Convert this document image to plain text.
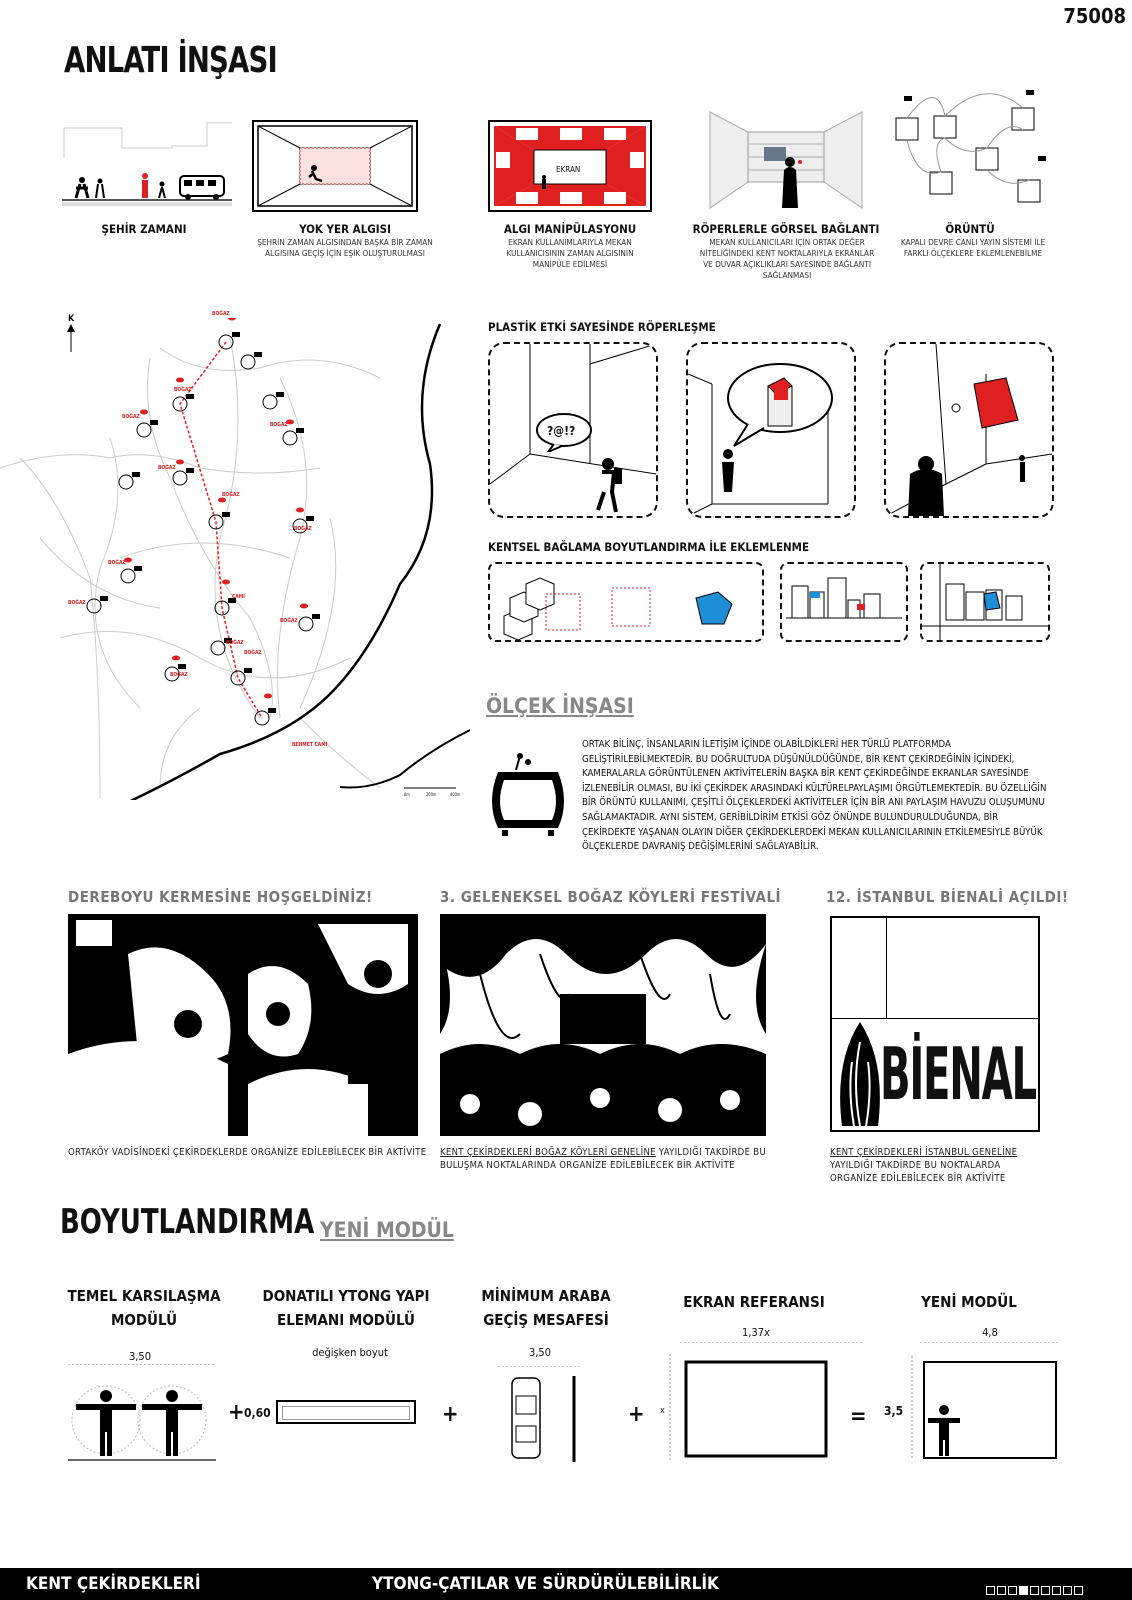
75008
ANLATI İNŞASI
EKRAN
ŞEHİR ZAMANI	YOK YER ALGISI
ŞEHRİN ZAMAN ALGISINDAN BAŞKA BİR ZAMAN ALGISINA GEÇİŞ İÇİN EŞİK OLUŞTURULMASI
ALGI MANİPÜLASYONU
EKRAN KULLANIMLARIYLA MEKAN KULLANICISININ ZAMAN ALGISININ MANİPÜLE EDİLMESİ
RÖPERLERLE GÖRSEL BAĞLANTI
MEKAN KULLANICILARI İÇİN ORTAK DEĞER NİTELİĞİNDEKİ KENT NOKTALARIYLA EKRANLAR VE DUVAR AÇIKLIKLARI SAYESİNDE BAĞLANTI SAĞLANMASI
ÖRÜNTÜ
KAPALI DEVRE CANLI YAYIN SİSTEMİ İLE FARKLI ÖLÇEKLERE EKLEMLENEBİLME
K	BOĞAZ
BOĞAZ
BOĞAZ
BOĞAZ
BOĞAZ
BOĞAZ
BOĞAZ
BOĞAZ
CAMİ
BOĞAZ
BOĞAZ
BOĞAZ
BOĞAZ
BOĞAZ
BEHMET CAMİ
0m	200m	400m
PLASTİK ETKİ SAYESİNDE RÖPERLEŞME
?@!?
KENTSEL BAĞLAMA BOYUTLANDIRMA İLE EKLEMLENME
ÖLÇEK İNŞASI
ORTAK BİLİNÇ, İNSANLARIN İLETİŞİM İÇİNDE OLABİLDİKLERİ HER TÜRLÜ PLATFORMDA GELİŞTİRİLEBİLMEKTEDİR. BU DOĞRULTUDA DÜŞÜNÜLDÜĞÜNDE, BİR KENT ÇEKİRDEĞİNİN İÇİNDEKİ, KAMERALARLA GÖRÜNTÜLENEN AKTİVİTELERİN BAŞKA BİR KENT ÇEKİRDEĞİNDE EKRANLAR SAYESİNDE İZLENEBİLİR OLMASI, BU İKİ ÇEKİRDEK ARASINDAKİ KÜLTÜRELPAYLAŞIMI ÖRGÜTLEMEKTEDİR. BU ÖZELLİĞİN BİR ÖRÜNTÜ KULLANIMI, ÇEŞİTLİ ÖLÇEKLERDEKİ AKTİVİTELER İÇİN BİR ANI PAYLAŞIM HAVUZU OLUŞUMUNU SAĞLAMAKTADIR. AYNI SİSTEM, GERİBİLDİRİM ETKİSİ GÖZ ÖNÜNDE BULUNDURULDUĞUNDA, BİR ÇEKİRDEKTE YAŞANAN OLAYIN DİĞER ÇEKİRDEKLERDEKİ MEKAN KULLANICILARININ ETKİLEMESİYLE BÜYÜK ÖLÇEKLERDE DAVRANIŞ DEĞİŞİMLERİNİ SAĞLAYABİLİR.
DEREBOYU KERMESİNE HOŞGELDİNİZ!	3. GELENEKSEL BOĞAZ KÖYLERİ FESTİVALİ	12. İSTANBUL BİENALİ AÇILDI!
BİENAL
ORTAKÖY VADİSİNDEKİ ÇEKİRDEKLERDE ORGANİZE EDİLEBİLECEK BİR AKTİVİTE KENT ÇEKİRDEKLERİ BOĞAZ KÖYLERİ GENELİNE YAYILDIĞI TAKDİRDE BU BULUŞMA NOKTALARINDA ORGANİZE EDİLEBİLECEK BİR AKTİVİTE
KENT ÇEKİRDEKLERİ İSTANBUL GENELİNE
YAYILDIĞI TAKDİRDE BU NOKTALARDA
ORGANİZE EDİLEBİLECEK BİR AKTİVİTE
BOYUTLANDIRMA YENİ MODÜL
TEMEL KARSILAŞMA
MODÜLÜ
DONATILI YTONG YAPI
ELEMANI MODÜLÜ
MİNİMUM ARABA
GEÇİŞ MESAFESİ
EKRAN REFERANSI	YENİ MODÜL
3,50	değişken boyut	3,50
1,37x	4,8
+ 0,60	+	+ x	= 3,5
KENT ÇEKİRDEKLERİ	YTONG-ÇATILAR VE SÜRDÜRÜLEBİLİRLİK
